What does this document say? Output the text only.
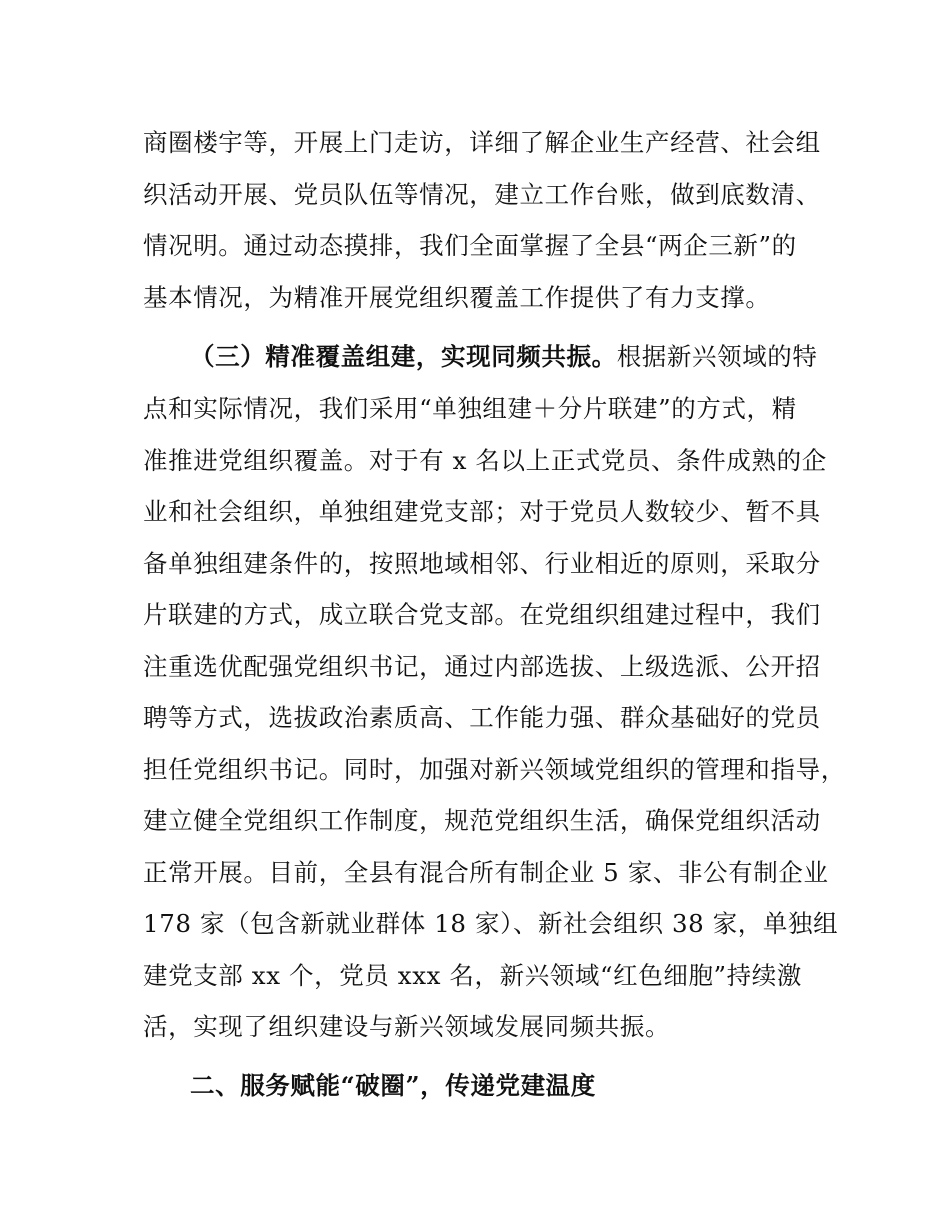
商圈楼宇等，开展上门走访，详细了解企业生产经营、社会组
织活动开展、党员队伍等情况，建立工作台账，做到底数清、
情况明。通过动态摸排，我们全面掌握了全县“两企三新”的
基本情况，为精准开展党组织覆盖工作提供了有力支撑。
（三）精准覆盖组建，实现同频共振。根据新兴领域的特
点和实际情况，我们采用“单独组建＋分片联建”的方式，精
准推进党组织覆盖。对于有 x 名以上正式党员、条件成熟的企
业和社会组织，单独组建党支部；对于党员人数较少、暂不具
备单独组建条件的，按照地域相邻、行业相近的原则，采取分
片联建的方式，成立联合党支部。在党组织组建过程中，我们
注重选优配强党组织书记，通过内部选拔、上级选派、公开招
聘等方式，选拔政治素质高、工作能力强、群众基础好的党员
担任党组织书记。同时，加强对新兴领域党组织的管理和指导，
建立健全党组织工作制度，规范党组织生活，确保党组织活动
正常开展。目前，全县有混合所有制企业 5 家、非公有制企业
178 家（包含新就业群体 18 家）、新社会组织 38 家，单独组
建党支部 xx 个，党员 xxx 名，新兴领域“红色细胞”持续激
活，实现了组织建设与新兴领域发展同频共振。
二、服务赋能“破圈”，传递党建温度
